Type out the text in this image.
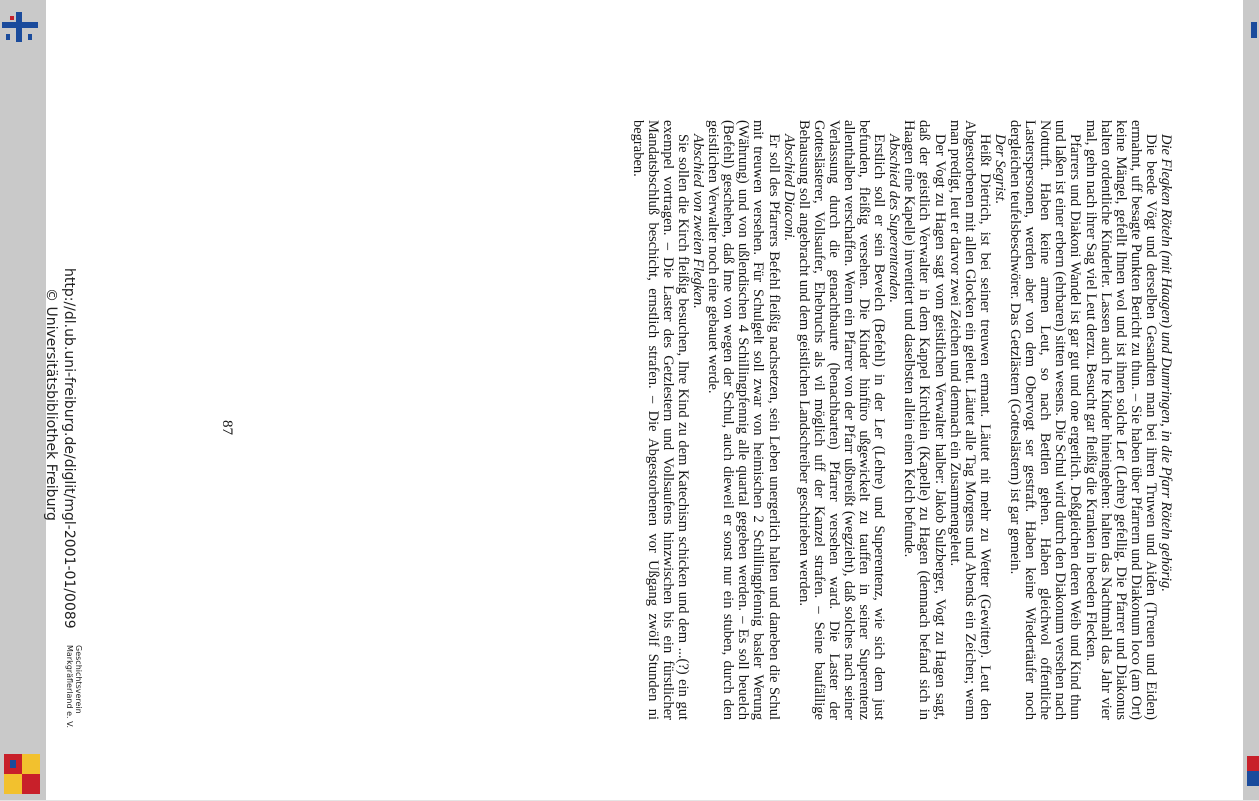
Die Flegken Röteln (mit Haagen) und Dumringen, in die Pfarr Röteln gehörig.

Die beede Vögt und derselben Gesandten man bei ihren Truwen und Aiden (Treuen und Eiden) ermahnt, uff besagte Punkten Bericht zu thun. – Sie haben über Pfarrern und Diakonum loco (am Ort) keine Mängel, gefellt Ihnen wol und ist ihnen solche Ler (Lehre) gefellig. Die Pfarrer und Diakonus halten ordentliche Kinderler. Lassen auch Ire Kinder hineingehen: halten das Nachtmahl das Jahr vier mal, gehn nach ihrer Sag viel Leut derzu. Besucht gar fleißig die Kranken in beeden Flecken.

Pfarrers und Diakoni Wandel ist gar gut und one ergerlich. Deßgleichen deren Weib und Kind thun und laßen ist einer erbern (ehrbaren) sitten wesens. Die Schul wird durch den Diakonum versehen nach Notturft. Haben keine armen Leut, so nach Bettlen gehen. Haben gleichwol offentliche Lasterspersonen, werden aber von dem Obervogt ser gestraft. Haben keine Wiedertäufer noch dergleichen teufelsbeschwörer. Das Getzlästern (Gotteslästern) ist gar gemein.

Der Segrist.

Heißt Dietrich, ist bei seiner treuwen ermant. Läutet nit mehr zu Wetter (Gewitter). Leut den Abgestorbenen mit allen Glocken ein geleut. Läutet alle Tag Morgens und Abends ein Zeichen; wenn man predigt, leut er darvor zwei Zeichen und demnach ein Zusammengeleut.

Der Vogt zu Hagen sagt vom geistlichen Verwalter halber: Jakob Sulzberger, Vogt zu Hagen sagt, daß der geistlich Verwalter in dem Kappel Kirchlein (Kapelle) zu Hagen (demnach befand sich in Haagen eine Kapelle) inventiert und daselbsten allein einen Kelch befunde.

Abschied des Superentenden.

Erstlich soll er sein Bevelch (Befehl) in der Ler (Lehre) und Superentenz, wie sich dem just befunden, fleißig versehen. Die Kinder hinfüro ußgewickelt zu tauffen in seiner Superentenz allenthalben verschaffen. Wenn ein Pfarrer von der Pfarr ußbreißt (wegzieht), daß solches nach seiner Verlassung durch die genachtbaurte (benachbarten) Pfarrer versehen ward. Die Laster der Gotteslästerer, Vollsaufer, Ehebruchs als vil möglich uff der Kanzel strafen. – Seine baufällige Behausung soll angebracht und dem geistlichen Landschreiber geschrieben werden.

Abschied Diaconi.

Er soll des Pfarrers Befehl fleißig nachsetzen, sein Leben unergerlich halten und daneben die Schul mit treuwen versehen. Für Schulgelt soll zwar von heimischen 2 Schillingpfennig basler Werung (Währung) und von ußlendischen 4 Schillingpfennig alle quartal gegeben werden. – Es soll beuelch (Befehl) geschehen, daß Ime von wegen der Schul, auch dieweil er sonst nur ein stuben, durch den geistlichen Verwalter noch eine gebauet werde.

Abschied von zweien Flegken.

Sie sollen die Kirch fleißig besuchen, Ihre Kind zu dem Katechism schicken und dem ...(?) ein gut exempel vortragen. – Die Laster des Getzlestern und Vollsaufens hinzwischen bis ein fürstlicher Mandatsbschluß beschicht, ernstlich strafen. – Die Abgestorbenen vor Ußgang zwölf Stunden ni begraben.

87
http://dl.ub.uni-freiburg.de/diglit/mgl-2001-01/0089
© Universitätsbibliothek Freiburg
Geschichtsverein
Markgräflerland e. V.
